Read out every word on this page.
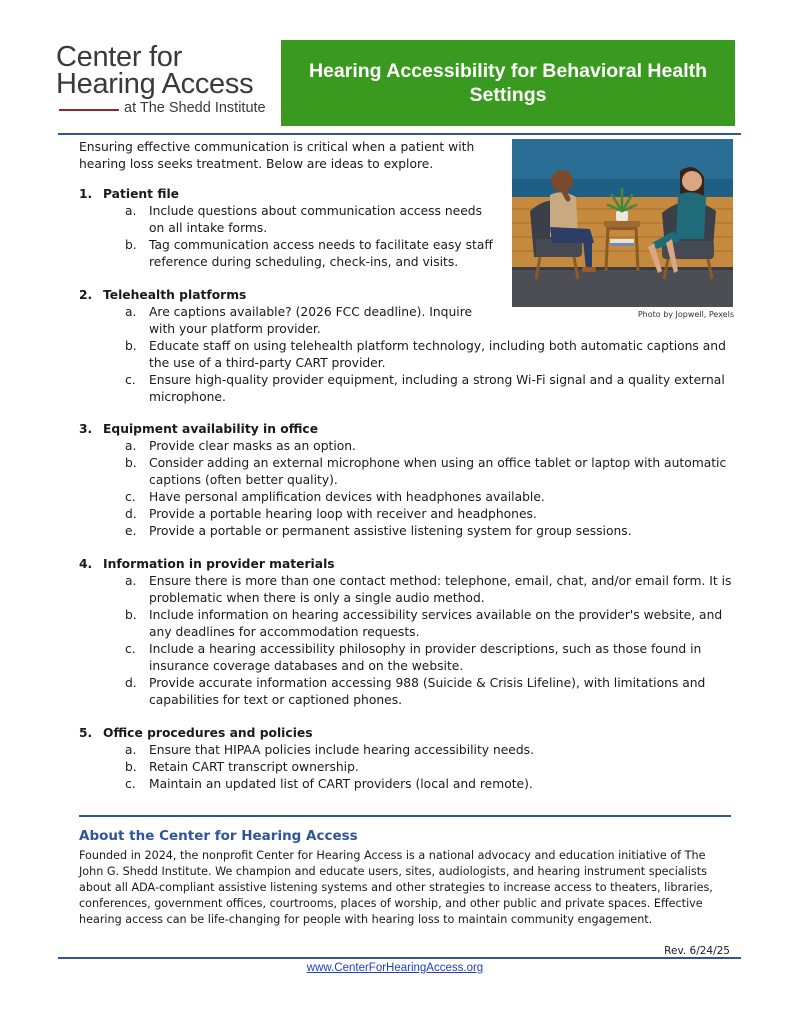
Center for
Hearing Access
at The Shedd Institute
Hearing Accessibility for Behavioral Health Settings
Photo by Jopwell, Pexels
Ensuring effective communication is critical when a patient with hearing loss seeks treatment. Below are ideas to explore.
1. Patient file
a. Include questions about communication access needs on all intake forms.
b. Tag communication access needs to facilitate easy staff reference during scheduling, check-ins, and visits.
2. Telehealth platforms
a. Are captions available? (2026 FCC deadline). Inquire with your platform provider.
b. Educate staff on using telehealth platform technology, including both automatic captions and the use of a third-party CART provider.
c. Ensure high-quality provider equipment, including a strong Wi-Fi signal and a quality external microphone.
3. Equipment availability in office
a. Provide clear masks as an option.
b. Consider adding an external microphone when using an office tablet or laptop with automatic captions (often better quality).
c. Have personal amplification devices with headphones available.
d. Provide a portable hearing loop with receiver and headphones.
e. Provide a portable or permanent assistive listening system for group sessions.
4. Information in provider materials
a. Ensure there is more than one contact method: telephone, email, chat, and/or email form. It is problematic when there is only a single audio method.
b. Include information on hearing accessibility services available on the provider's website, and any deadlines for accommodation requests.
c. Include a hearing accessibility philosophy in provider descriptions, such as those found in insurance coverage databases and on the website.
d. Provide accurate information accessing 988 (Suicide & Crisis Lifeline), with limitations and capabilities for text or captioned phones.
5. Office procedures and policies
a. Ensure that HIPAA policies include hearing accessibility needs.
b. Retain CART transcript ownership.
c. Maintain an updated list of CART providers (local and remote).
About the Center for Hearing Access
Founded in 2024, the nonprofit Center for Hearing Access is a national advocacy and education initiative of The John G. Shedd Institute. We champion and educate users, sites, audiologists, and hearing instrument specialists about all ADA-compliant assistive listening systems and other strategies to increase access to theaters, libraries, conferences, government offices, courtrooms, places of worship, and other public and private spaces. Effective hearing access can be life-changing for people with hearing loss to maintain community engagement.
Rev. 6/24/25
www.CenterForHearingAccess.org
